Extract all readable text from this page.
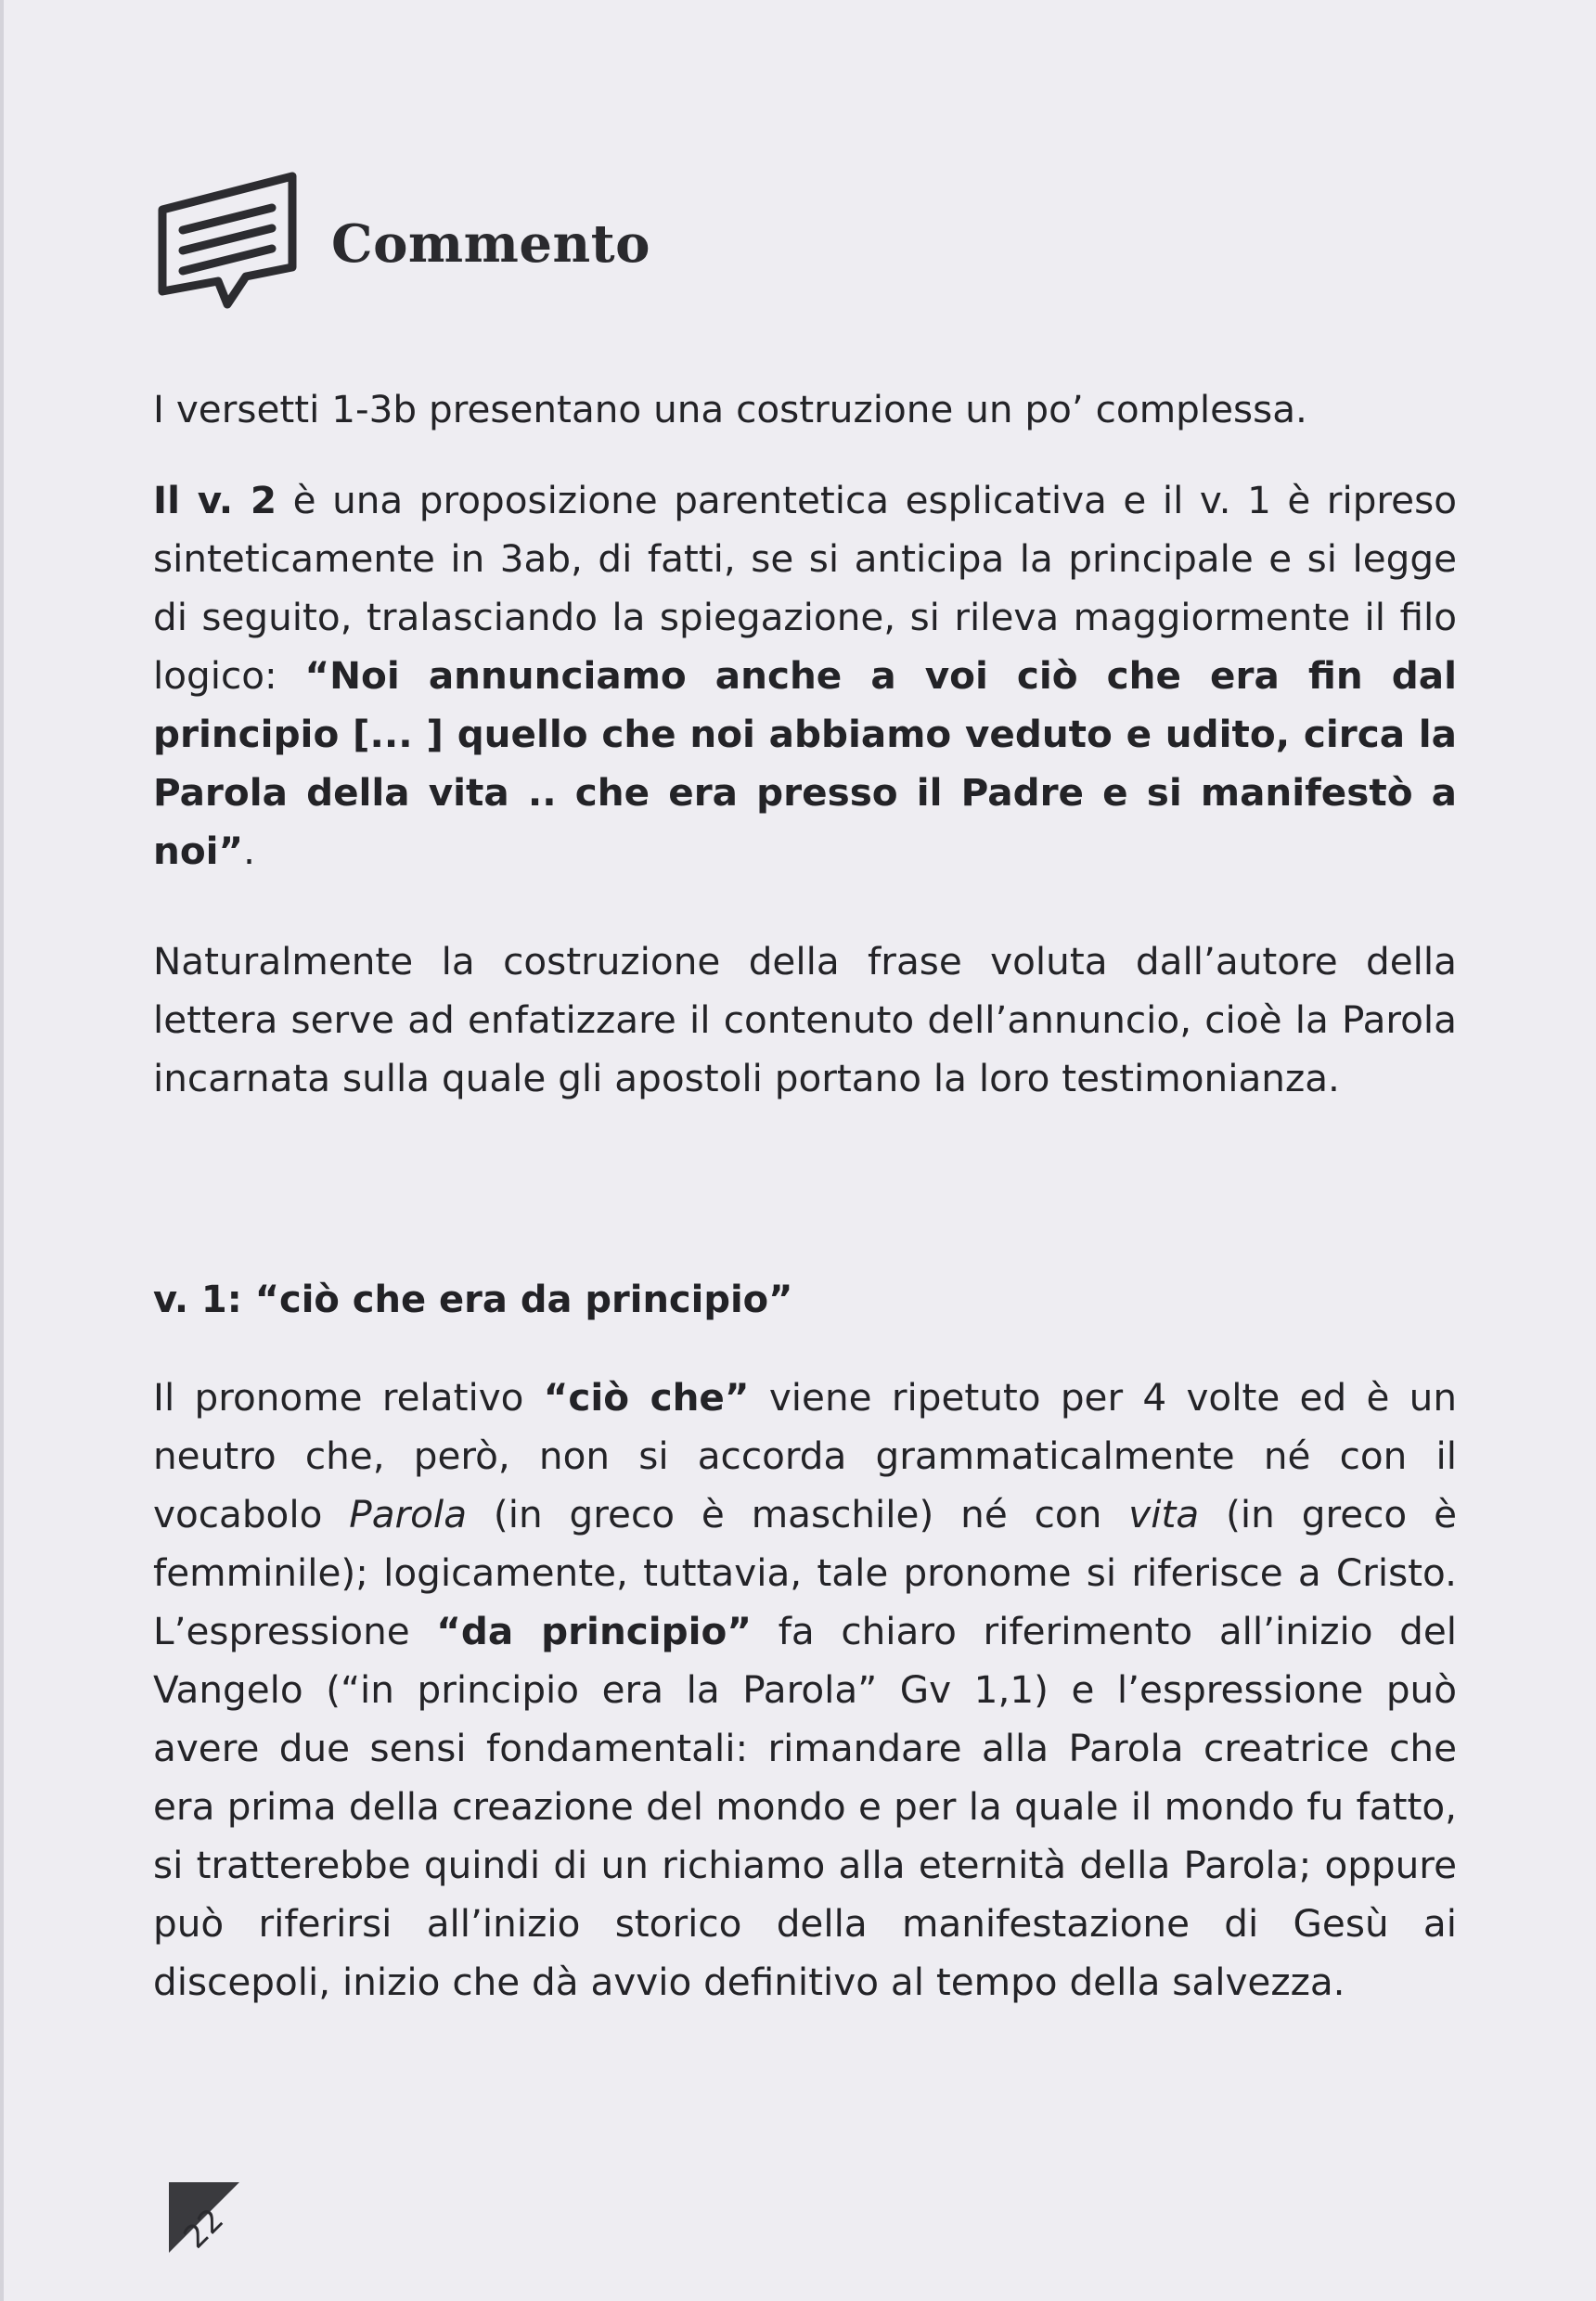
Commento

I versetti 1-3b presentano una costruzione un po’ complessa.

Il v. 2 è una proposizione parentetica esplicativa e il v. 1 è ripreso sinteticamente in 3ab, di fatti, se si anticipa la principale e si legge di seguito, tralasciando la spiegazione, si rileva maggiormente il filo logico: “Noi annunciamo anche a voi ciò che era fin dal principio [... ] quello che noi abbiamo veduto e udito, circa la Parola della vita .. che era presso il Padre e si manifestò a noi”.

Naturalmente la costruzione della frase voluta dall’autore della lettera serve ad enfatizzare il contenuto dell’annuncio, cioè la Parola incarnata sulla quale gli apostoli portano la loro testimonianza.

v. 1: “ciò che era da principio”

Il pronome relativo “ciò che” viene ripetuto per 4 volte ed è un neutro che, però, non si accorda grammaticalmente né con il vocabolo Parola (in greco è maschile) né con vita (in greco è femminile); logicamente, tuttavia, tale pronome si riferisce a Cristo. L’espressione “da principio” fa chiaro riferimento all’inizio del Vangelo (“in principio era la Parola” Gv 1,1) e l’espressione può avere due sensi fondamentali: rimandare alla Parola creatrice che era prima della creazione del mondo e per la quale il mondo fu fatto, si tratterebbe quindi di un richiamo alla eternità della Parola; oppure può riferirsi all’inizio storico della manifestazione di Gesù ai discepoli, inizio che dà avvio definitivo al tempo della salvezza.

22
